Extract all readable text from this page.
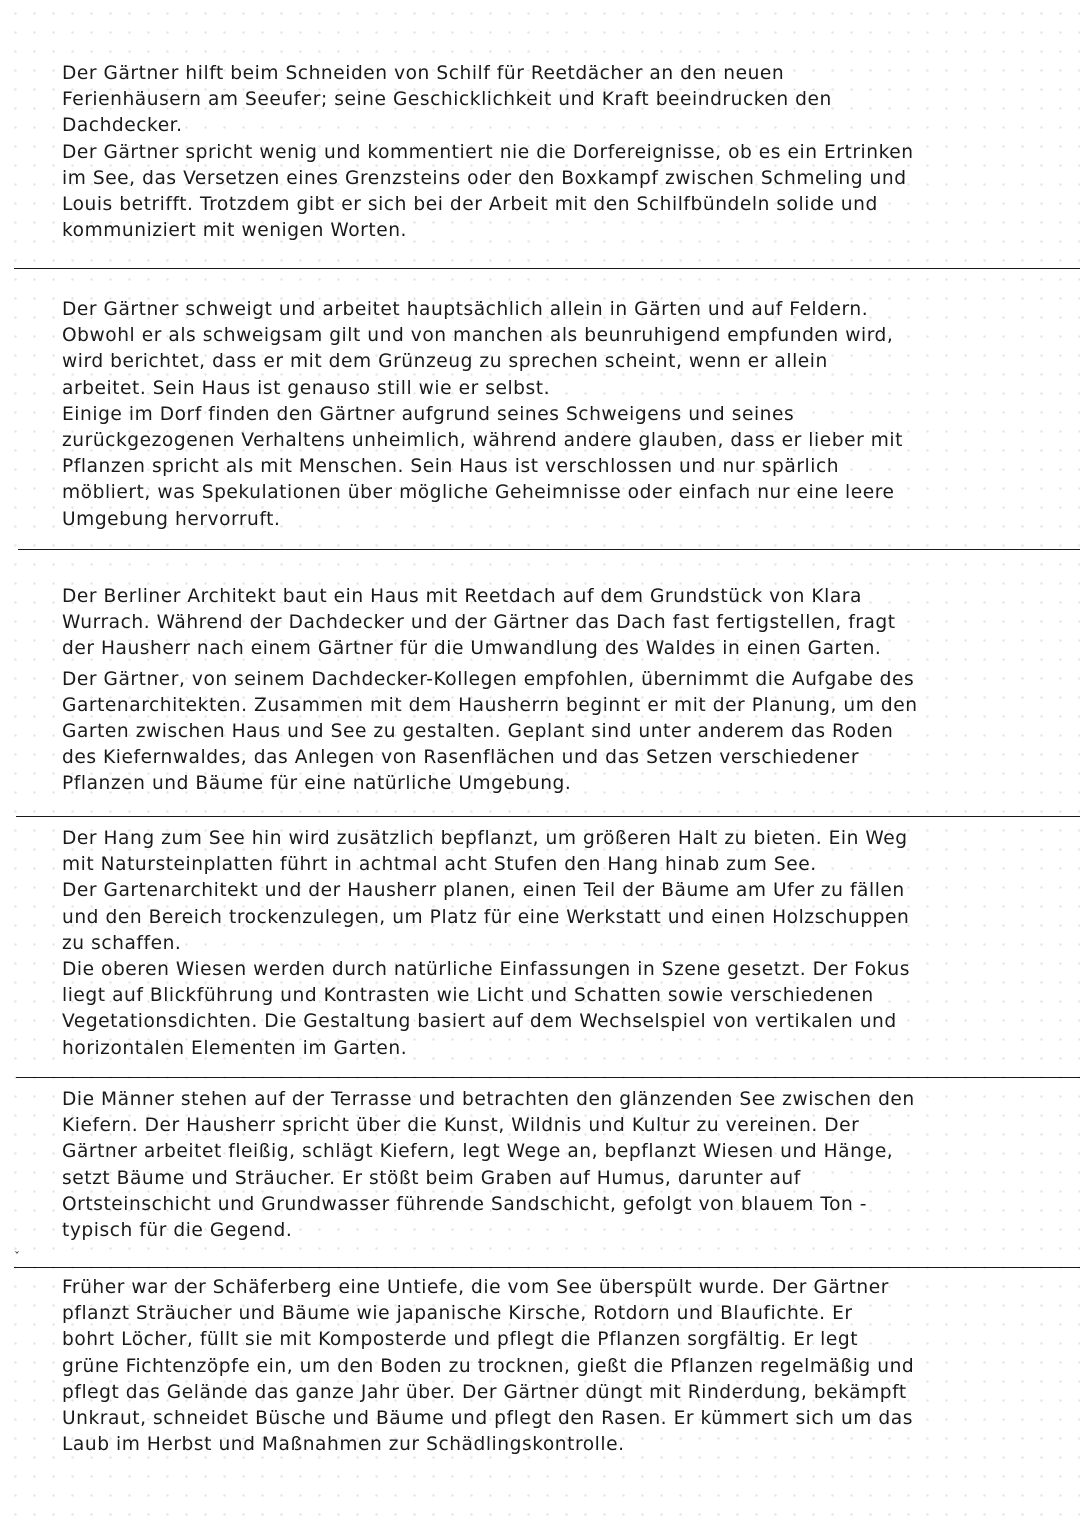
Der Gärtner hilft beim Schneiden von Schilf für Reetdächer an den neuen
Ferienhäusern am Seeufer; seine Geschicklichkeit und Kraft beeindrucken den
Dachdecker.

Der Gärtner spricht wenig und kommentiert nie die Dorfereignisse, ob es ein Ertrinken
im See, das Versetzen eines Grenzsteins oder den Boxkampf zwischen Schmeling und
Louis betrifft. Trotzdem gibt er sich bei der Arbeit mit den Schilfbündeln solide und
kommuniziert mit wenigen Worten.

Der Gärtner schweigt und arbeitet hauptsächlich allein in Gärten und auf Feldern.
Obwohl er als schweigsam gilt und von manchen als beunruhigend empfunden wird,
wird berichtet, dass er mit dem Grünzeug zu sprechen scheint, wenn er allein
arbeitet. Sein Haus ist genauso still wie er selbst.

Einige im Dorf finden den Gärtner aufgrund seines Schweigens und seines
zurückgezogenen Verhaltens unheimlich, während andere glauben, dass er lieber mit
Pflanzen spricht als mit Menschen. Sein Haus ist verschlossen und nur spärlich
möbliert, was Spekulationen über mögliche Geheimnisse oder einfach nur eine leere
Umgebung hervorruft.

Der Berliner Architekt baut ein Haus mit Reetdach auf dem Grundstück von Klara
Wurrach. Während der Dachdecker und der Gärtner das Dach fast fertigstellen, fragt
der Hausherr nach einem Gärtner für die Umwandlung des Waldes in einen Garten.

Der Gärtner, von seinem Dachdecker-Kollegen empfohlen, übernimmt die Aufgabe des
Gartenarchitekten. Zusammen mit dem Hausherrn beginnt er mit der Planung, um den
Garten zwischen Haus und See zu gestalten. Geplant sind unter anderem das Roden
des Kiefernwaldes, das Anlegen von Rasenflächen und das Setzen verschiedener
Pflanzen und Bäume für eine natürliche Umgebung.

Der Hang zum See hin wird zusätzlich bepflanzt, um größeren Halt zu bieten. Ein Weg
mit Natursteinplatten führt in achtmal acht Stufen den Hang hinab zum See.

Der Gartenarchitekt und der Hausherr planen, einen Teil der Bäume am Ufer zu fällen
und den Bereich trockenzulegen, um Platz für eine Werkstatt und einen Holzschuppen
zu schaffen.

Die oberen Wiesen werden durch natürliche Einfassungen in Szene gesetzt. Der Fokus
liegt auf Blickführung und Kontrasten wie Licht und Schatten sowie verschiedenen
Vegetationsdichten. Die Gestaltung basiert auf dem Wechselspiel von vertikalen und
horizontalen Elementen im Garten.

Die Männer stehen auf der Terrasse und betrachten den glänzenden See zwischen den
Kiefern. Der Hausherr spricht über die Kunst, Wildnis und Kultur zu vereinen. Der
Gärtner arbeitet fleißig, schlägt Kiefern, legt Wege an, bepflanzt Wiesen und Hänge,
setzt Bäume und Sträucher. Er stößt beim Graben auf Humus, darunter auf
Ortsteinschicht und Grundwasser führende Sandschicht, gefolgt von blauem Ton -
typisch für die Gegend.

ˇ

Früher war der Schäferberg eine Untiefe, die vom See überspült wurde. Der Gärtner
pflanzt Sträucher und Bäume wie japanische Kirsche, Rotdorn und Blaufichte. Er
bohrt Löcher, füllt sie mit Komposterde und pflegt die Pflanzen sorgfältig. Er legt
grüne Fichtenzöpfe ein, um den Boden zu trocknen, gießt die Pflanzen regelmäßig und
pflegt das Gelände das ganze Jahr über. Der Gärtner düngt mit Rinderdung, bekämpft
Unkraut, schneidet Büsche und Bäume und pflegt den Rasen. Er kümmert sich um das
Laub im Herbst und Maßnahmen zur Schädlingskontrolle.
